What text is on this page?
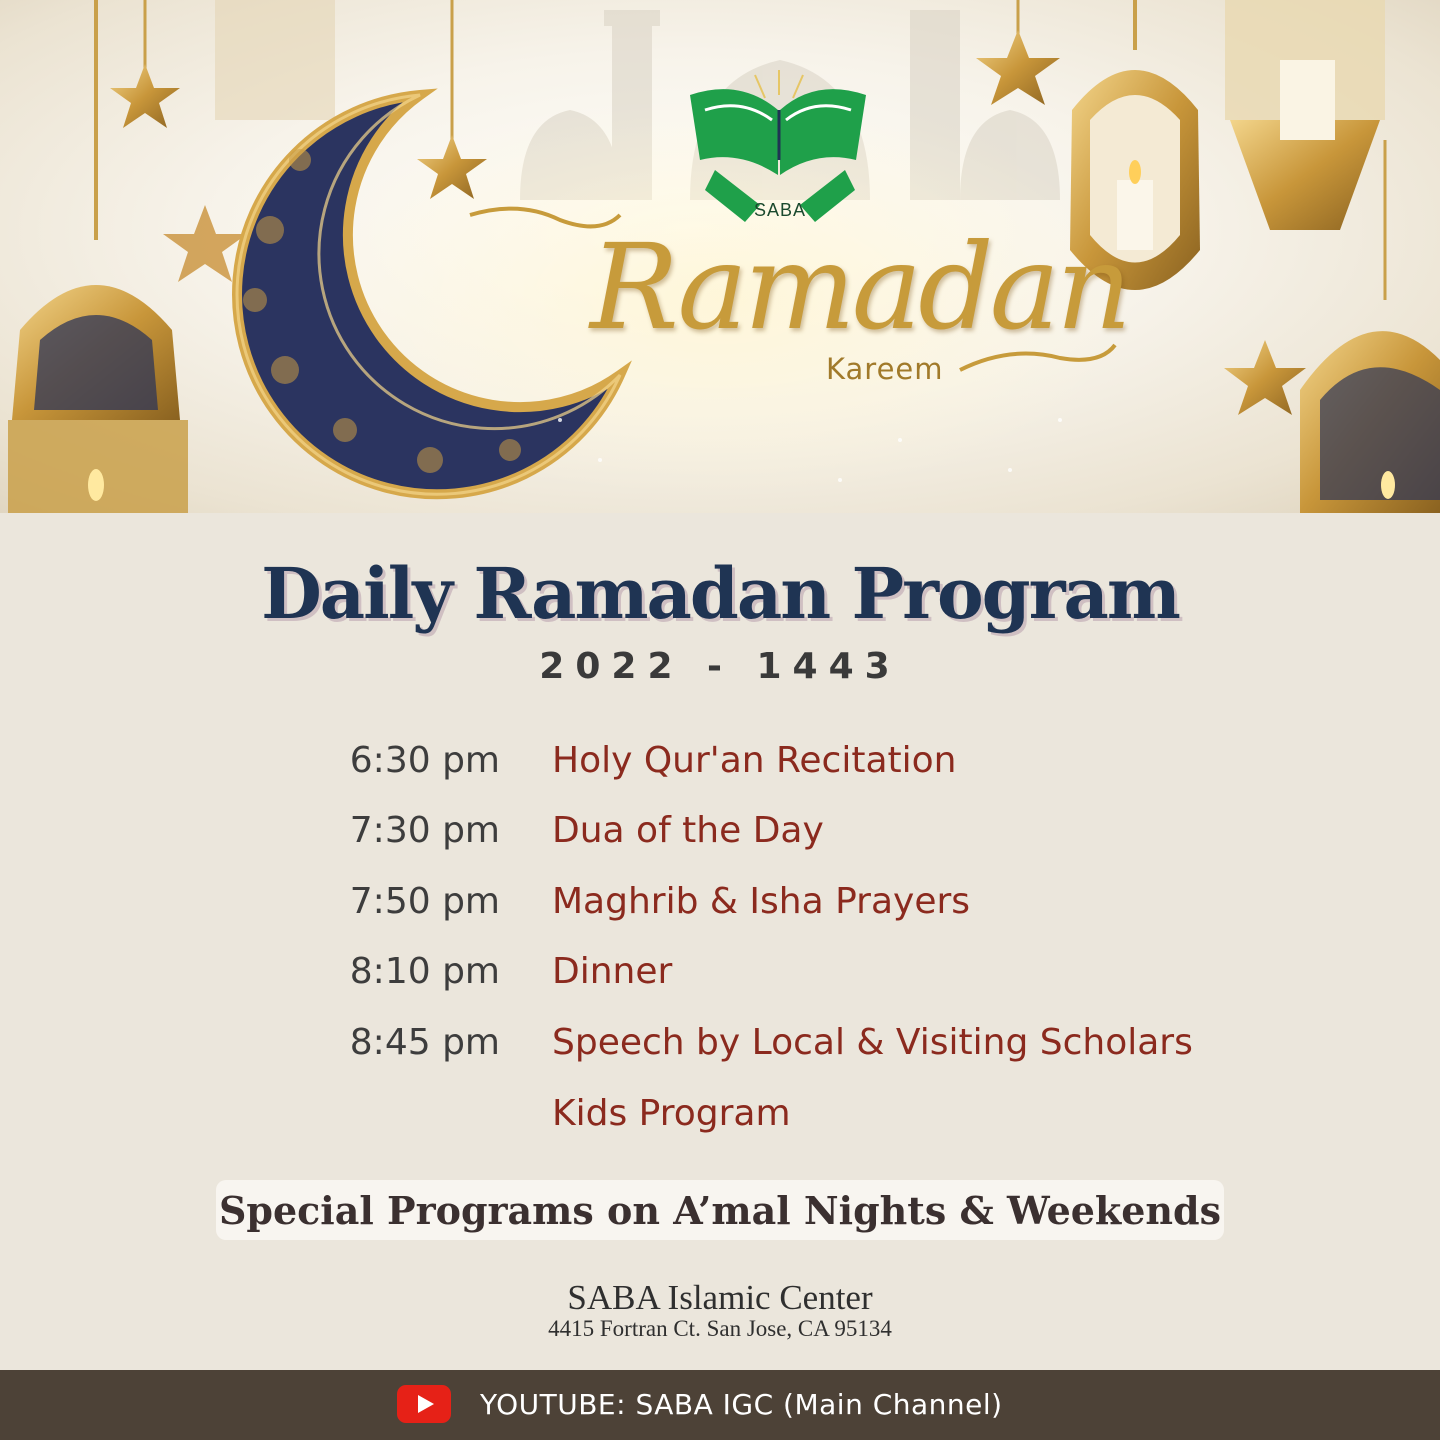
SABA
Ramadan
Kareem
Daily Ramadan Program
2022 - 1443
6:30 pm Holy Qur'an Recitation
7:30 pm Dua of the Day
7:50 pm Maghrib & Isha Prayers
8:10 pm Dinner
8:45 pm Speech by Local & Visiting Scholars
Kids Program
Special Programs on A’mal Nights & Weekends
SABA Islamic Center
4415 Fortran Ct. San Jose, CA 95134
YOUTUBE: SABA IGC (Main Channel)
